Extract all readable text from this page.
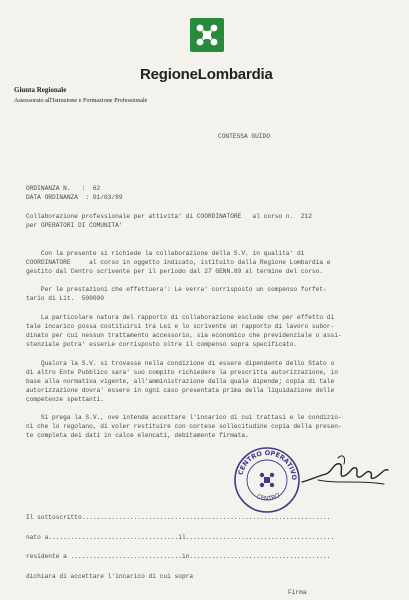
RegioneLombardia
Giunta Regionale
Assessorato all'Istruzione e Formazione Professionale
CONTESSA GUIDO
ORDINANZA N.   :  62
DATA ORDINANZA  : 01/03/89
Collaborazione professionale per attivita' di COORDINATORE   al corso n.  212
per OPERATORI DI COMUNITA'
Con la presente si richiede la collaborazione della S.V. in qualita' di
COORDINATORE     al corso in oggetto indicato, istituito dalla Regione Lombardia e
gestito dal Centro scrivente per il periodo dal 27 GENN.89 al termine del corso.
Per le prestazioni che effettuera': Le verra' corrisposto un compenso forfet-
tario di Lit.  500000
La particolare natura del rapporto di collaborazione esclude che per effetto di
tale incarico possa costituirsi tra Lei e lo scrivente un rapporto di lavoro subor-
dinato per cui nessun trattamento accessorio, sia economico che previdenziale o assi-
stenziale potra' esserLe corrisposto oltre il compenso sopra specificato.
Qualora la S.V. si trovasse nella condizione di essere dipendente dello Stato o
di altro Ente Pubblico sara' suo compito richiedere la prescritta autorizzazione, in
base alla normativa vigente, all'amministrazione dalla quale dipende; copia di tale
autorizzazione dovra' essere in ogni caso presentata prima della liquidazione delle
competenze spettanti.
Si prega la S.V., ove intenda accettare l'incarico di cui trattasi e le condizio-
ni che lo regolano, di voler restituire con cortese sollecitudine copia della presen-
te completa dei dati in calce elencati, debitamente firmata.
CENTRO OPERATIVO
CENTRO
Il sottoscritto...................................................................
nato a...................................il........................................
residente a ..............................in......................................
dichiara di accettare l'incarico di cui sopra
Firma
